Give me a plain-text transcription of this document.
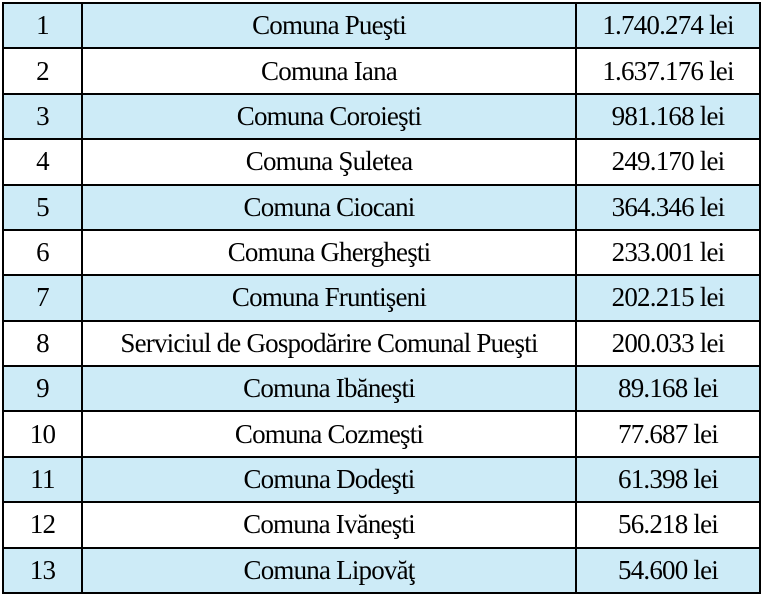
1	Comuna Pueşti	1.740.274 lei
2	Comuna Iana	1.637.176 lei
3	Comuna Coroieşti	981.168 lei
4	Comuna Şuletea	249.170 lei
5	Comuna Ciocani	364.346 lei
6	Comuna Ghergheşti	233.001 lei
7	Comuna Fruntişeni	202.215 lei
8	Serviciul de Gospodărire Comunal Pueşti	200.033 lei
9	Comuna Ibăneşti	89.168 lei
10	Comuna Cozmeşti	77.687 lei
11	Comuna Dodeşti	61.398 lei
12	Comuna Ivăneşti	56.218 lei
13	Comuna Lipovăţ	54.600 lei
